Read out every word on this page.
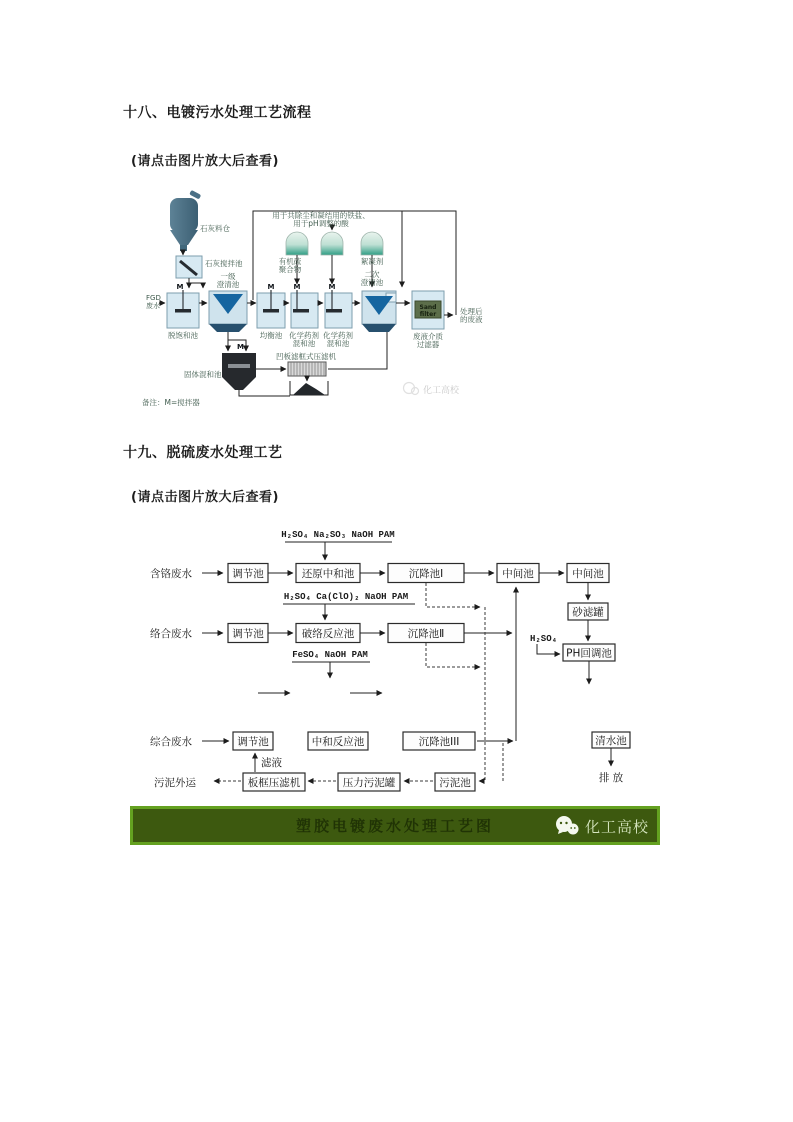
十八、电镀污水处理工艺流程
(请点击图片放大后查看)
石灰料仓
石灰搅拌池
FGD
废水
M
脱饱和池
一级
澄清池	M
均衡池
M
化学药剂
混和池
M
化学药剂
混和池
有机硫
聚合物
絮凝剂
用于共除尘和凝结用的铁盐、
用于pH调整的酸
二次
澄清池
Sand
filter
废液介质
过滤器
处理后
的废液
M
固体混和池
凹板滤框式压滤机
备注：M=搅拌器
化工高校
十九、脱硫废水处理工艺
(请点击图片放大后查看)
H₂SO₄ Na₂SO₃ NaOH PAM
含铬废水	调节池	还原中和池	沉降池Ⅰ	中间池	中间池
H₂SO₄ Ca(ClO)₂ NaOH PAM
络合废水	调节池	破络反应池	沉降池Ⅱ
FeSO₄ NaOH PAM
砂滤罐
H₂SO₄
PH回调池
综合废水	调节池	中和反应池	沉降池III	清水池
排 放
滤液
污泥外运	板框压滤机	压力污泥罐	污泥池
塑胶电镀废水处理工艺图	化工高校
